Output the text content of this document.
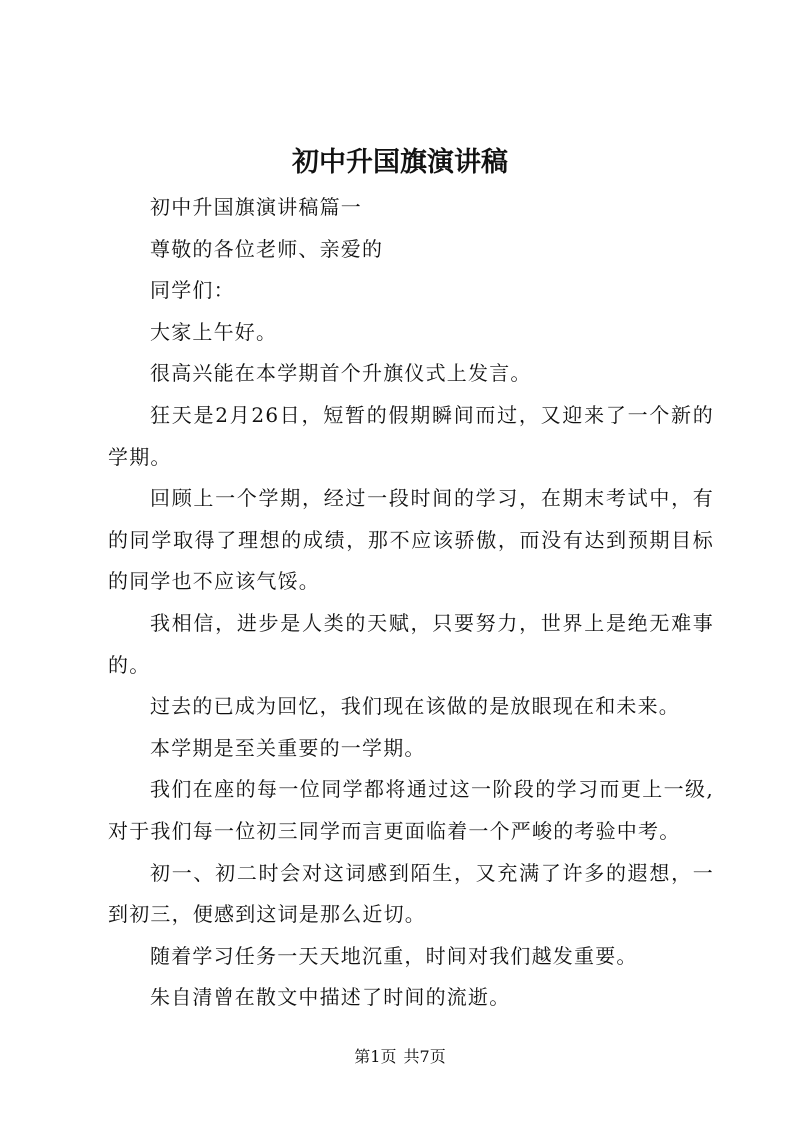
初中升国旗演讲稿

初中升国旗演讲稿篇一

尊敬的各位老师、亲爱的

同学们：

大家上午好。

很高兴能在本学期首个升旗仪式上发言。

狂天是2月26日，短暂的假期瞬间而过，又迎来了一个新的学期。

回顾上一个学期，经过一段时间的学习，在期末考试中，有的同学取得了理想的成绩，那不应该骄傲，而没有达到预期目标的同学也不应该气馁。

我相信，进步是人类的天赋，只要努力，世界上是绝无难事的。

过去的已成为回忆，我们现在该做的是放眼现在和未来。

本学期是至关重要的一学期。

我们在座的每一位同学都将通过这一阶段的学习而更上一级,对于我们每一位初三同学而言更面临着一个严峻的考验中考。

初一、初二时会对这词感到陌生，又充满了许多的遐想，一到初三，便感到这词是那么近切。

随着学习任务一天天地沉重，时间对我们越发重要。

朱自清曾在散文中描述了时间的流逝。

第1页 共7页
